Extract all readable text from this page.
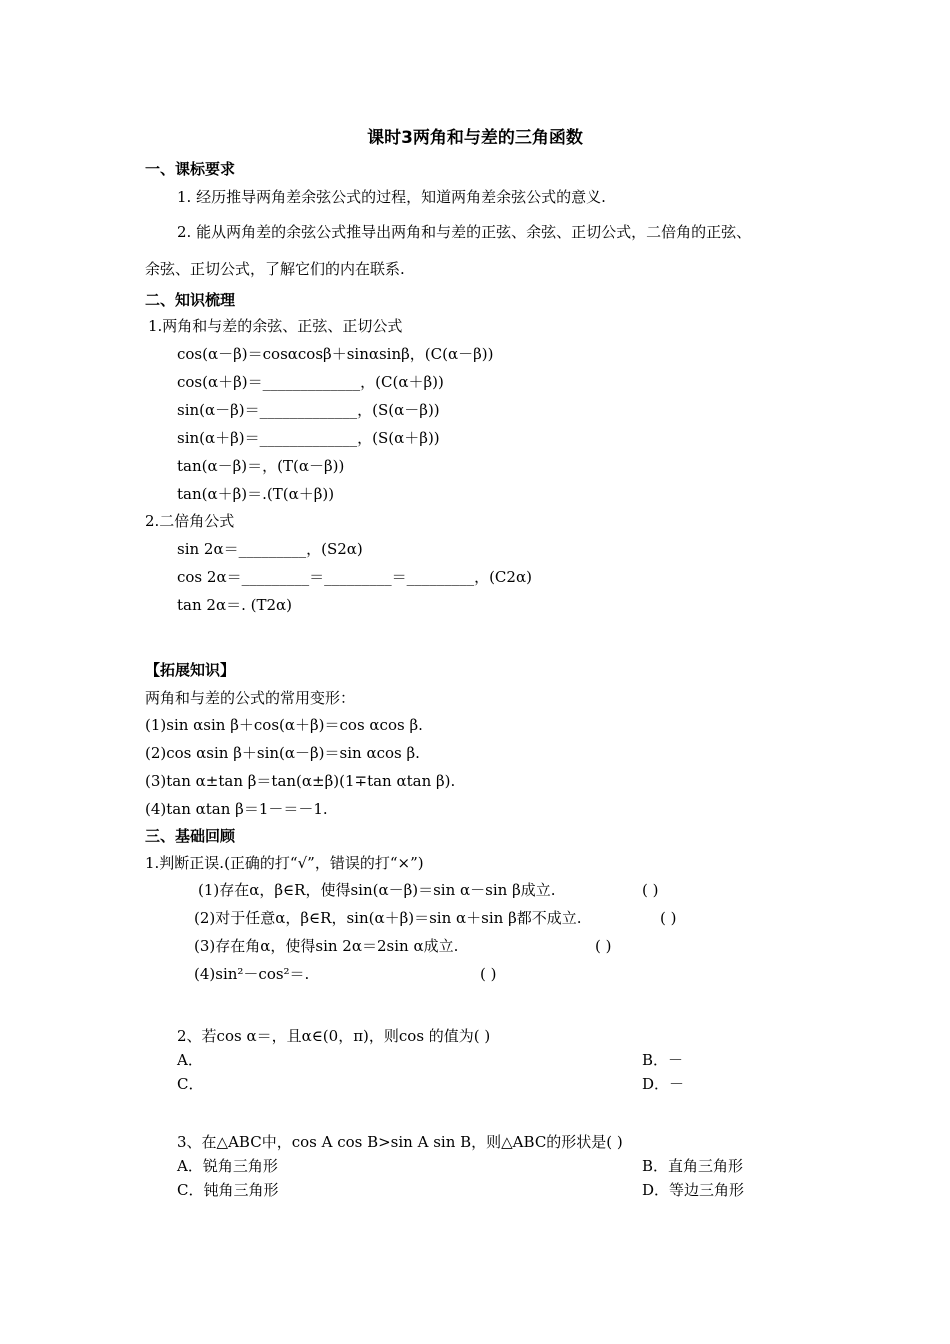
课时3两角和与差的三角函数
一、课标要求
1. 经历推导两角差余弦公式的过程，知道两角差余弦公式的意义.
2. 能从两角差的余弦公式推导出两角和与差的正弦、余弦、正切公式，二倍角的正弦、
余弦、正切公式，了解它们的内在联系.
二、知识梳理
1.两角和与差的余弦、正弦、正切公式
cos(α－β)＝cosαcosβ＋sinαsinβ，(C(α－β))
cos(α＋β)＝_____________，(C(α＋β))
sin(α－β)＝_____________，(S(α－β))
sin(α＋β)＝_____________，(S(α＋β))
tan(α－β)＝，(T(α－β))
tan(α＋β)＝.(T(α＋β))
2.二倍角公式
sin 2α＝_________，(S2α)
cos 2α＝_________＝_________＝_________，(C2α)
tan 2α＝. (T2α)
【拓展知识】
两角和与差的公式的常用变形：
(1)sin αsin β＋cos(α＋β)＝cos αcos β.
(2)cos αsin β＋sin(α－β)＝sin αcos β.
(3)tan α±tan β＝tan(α±β)(1∓tan αtan β).
(4)tan αtan β＝1－＝－1.
三、基础回顾
1.判断正误.(正确的打“√”，错误的打“×”)
(1)存在α，β∈R，使得sin(α－β)＝sin α－sin β成立.	( )
(2)对于任意α，β∈R，sin(α＋β)＝sin α＋sin β都不成立.	( )
(3)存在角α，使得sin 2α＝2sin α成立.	( )
(4)sin²－cos²＝.	( )
2、若cos α＝，且α∈(0，π)，则cos 的值为( )
A．	B．－
C．	D．－
3、在△ABC中，cos A cos B>sin A sin B，则△ABC的形状是( )
A．锐角三角形	B．直角三角形
C．钝角三角形	D．等边三角形
